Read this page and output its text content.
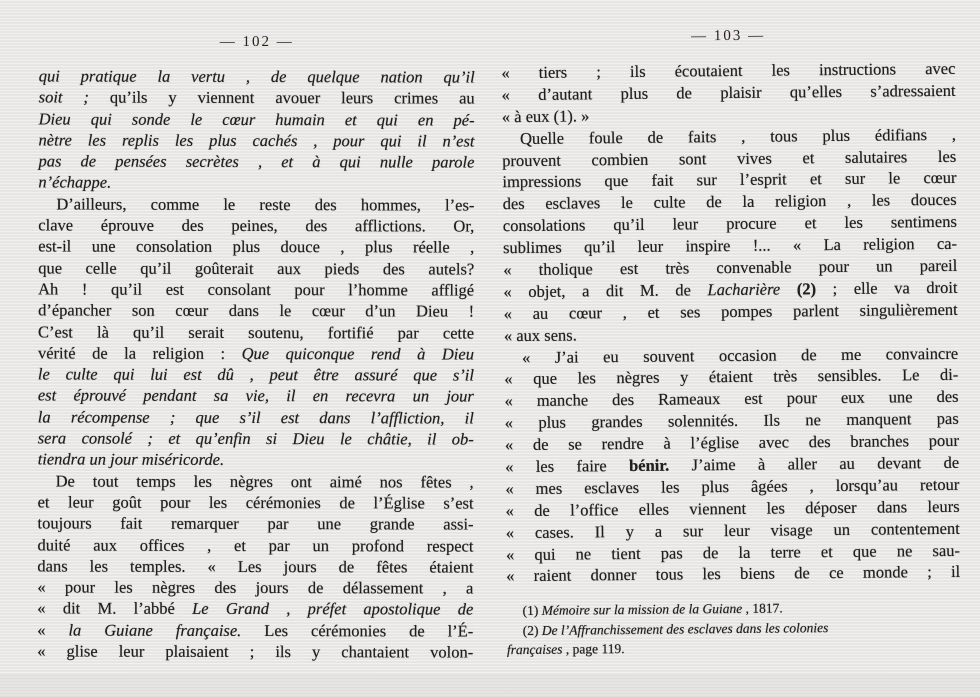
— 102 —
qui pratique la vertu , de quelque nation qu’il
soit ; qu’ils y viennent avouer leurs crimes au
Dieu qui sonde le cœur humain et qui en pé-
nètre les replis les plus cachés , pour qui il n’est
pas de pensées secrètes , et à qui nulle parole
n’échappe.
D’ailleurs, comme le reste des hommes, l’es-
clave éprouve des peines, des afflictions. Or,
est-il une consolation plus douce , plus réelle ,
que celle qu’il goûterait aux pieds des autels?
Ah ! qu’il est consolant pour l’homme affligé
d’épancher son cœur dans le cœur d’un Dieu !
C’est là qu’il serait soutenu, fortifié par cette
vérité de la religion : Que quiconque rend à Dieu
le culte qui lui est dû , peut être assuré que s’il
est éprouvé pendant sa vie, il en recevra un jour
la récompense ; que s’il est dans l’affliction, il
sera consolé ; et qu’enfin si Dieu le châtie, il ob-
tiendra un jour miséricorde.
De tout temps les nègres ont aimé nos fêtes ,
et leur goût pour les cérémonies de l’Église s’est
toujours fait remarquer par une grande assi-
duité aux offices , et par un profond respect
dans les temples. « Les jours de fêtes étaient
« pour les nègres des jours de délassement , a
« dit M. l’abbé Le Grand , préfet apostolique de
« la Guiane française. Les cérémonies de l’É-
« glise leur plaisaient ; ils y chantaient volon-
— 103 —
« tiers ; ils écoutaient les instructions avec
« d’autant plus de plaisir qu’elles s’adressaient
« à eux (1). »
Quelle foule de faits , tous plus édifians ,
prouvent combien sont vives et salutaires les
impressions que fait sur l’esprit et sur le cœur
des esclaves le culte de la religion , les douces
consolations qu’il leur procure et les sentimens
sublimes qu’il leur inspire !... « La religion ca-
« tholique est très convenable pour un pareil
« objet, a dit M. de Lacharière (2) ; elle va droit
« au cœur , et ses pompes parlent singulièrement
« aux sens.
« J’ai eu souvent occasion de me convaincre
« que les nègres y étaient très sensibles. Le di-
« manche des Rameaux est pour eux une des
« plus grandes solennités. Ils ne manquent pas
« de se rendre à l’église avec des branches pour
« les faire bénir. J’aime à aller au devant de
« mes esclaves les plus âgées , lorsqu’au retour
« de l’office elles viennent les déposer dans leurs
« cases. Il y a sur leur visage un contentement
« qui ne tient pas de la terre et que ne sau-
« raient donner tous les biens de ce monde ; il
(1) Mémoire sur la mission de la Guiane , 1817.
(2) De l’Affranchissement des esclaves dans les colonies
françaises , page 119.
